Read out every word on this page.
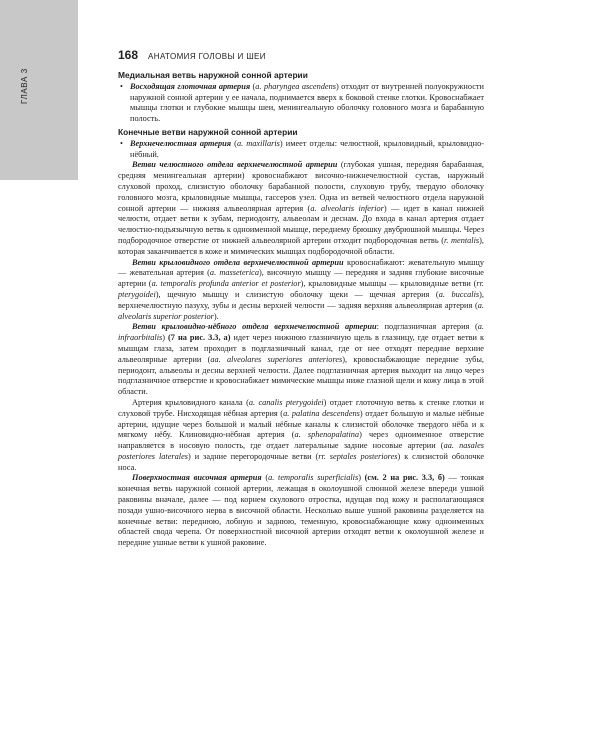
ГЛАВА 3
168 АНАТОМИЯ ГОЛОВЫ И ШЕИ
Медиальная ветвь наружной сонной артерии
• Восходящая глоточная артерия (a. pharyngea ascendens) отходит от внутренней полуокружности наружной сонной артерии у ее начала, поднимается вверх к боковой стенке глотки. Кровоснабжает мышцы глотки и глубокие мышцы шеи, менингеальную оболочку головного мозга и барабанную полость.
Конечные ветви наружной сонной артерии
• Верхнечелюстная артерия (a. maxillaris) имеет отделы: челюстной, крыловидный, крыловидно-нёбный.

Ветви челюстного отдела верхнечелюстной артерии (глубокая ушная, передняя барабанная, средняя менингеальная артерии) кровоснабжают височно-нижнечелюстной сустав, наружный слуховой проход, слизистую оболочку барабанной полости, слуховую трубу, твердую оболочку головного мозга, крыловидные мышцы, гассеров узел. Одна из ветвей челюстного отдела наружной сонной артерии — нижняя альвеолярная артерия (a. alveolaris inferior) — идет в канал нижней челюсти, отдает ветви к зубам, периодонту, альвеолам и деснам. До входа в канал артерия отдает челюстно-подъязычную ветвь к одноименной мышце, переднему брюшку двубрюшной мышцы. Через подбородочное отверстие от нижней альвеолярной артерии отходит подбородочная ветвь (r. mentalis), которая заканчивается в коже и мимических мышцах подбородочной области.

Ветви крыловидного отдела верхнечелюстной артерии кровоснабжают: жевательную мышцу — жевательная артерия (a. masseterica), височную мышцу — передняя и задняя глубокие височные артерии (a. temporalis profunda anterior et posterior), крыловидные мышцы — крыловидные ветви (rr. pterygoidei), щечную мышцу и слизистую оболочку щеки — щечная артерия (a. buccalis), верхнечелюстную пазуху, зубы и десны верхней челюсти — задняя верхняя альвеолярная артерия (a. alveolaris superior posterior).

Ветви крыловидно-нёбного отдела верхнечелюстной артерии: подглазничная артерия (a. infraorbitalis) (7 на рис. 3.3, а) идет через нижнюю глазничную щель в глазницу, где отдает ветви к мышцам глаза, затем проходит в подглазничный канал, где от нее отходят передние верхние альвеолярные артерии (aa. alveolares superiores anteriores), кровоснабжающие передние зубы, периодонт, альвеолы и десны верхней челюсти. Далее подглазничная артерия выходит на лицо через подглазничное отверстие и кровоснабжает мимические мышцы ниже глазной щели и кожу лица в этой области.

Артерия крыловидного канала (a. canalis pterygoidei) отдает глоточную ветвь к стенке глотки и слуховой трубе. Нисходящая нёбная артерия (a. palatina descendens) отдает большую и малые нёбные артерии, идущие через большой и малый нёбные каналы к слизистой оболочке твердого нёба и к мягкому нёбу. Клиновидно-нёбная артерия (a. sphenopalatina) через одноименное отверстие направляется в носовую полость, где отдает латеральные задние носовые артерии (aa. nasales posteriores laterales) и задние перегородочные ветви (rr. septales posteriores) к слизистой оболочке носа.

Поверхностная височная артерия (a. temporalis superficialis) (см. 2 на рис. 3.3, б) — тонкая конечная ветвь наружной сонной артерии, лежащая в околоушной слюнной железе впереди ушной раковины вначале, далее — под корнем скулового отростка, идущая под кожу и располагающаяся позади ушно-височного нерва в височной области. Несколько выше ушной раковины разделяется на конечные ветви: переднюю, лобную и заднюю, теменную, кровоснабжающие кожу одноименных областей свода черепа. От поверхностной височной артерии отходят ветви к околоушной железе и передние ушные ветви к ушной раковине.
